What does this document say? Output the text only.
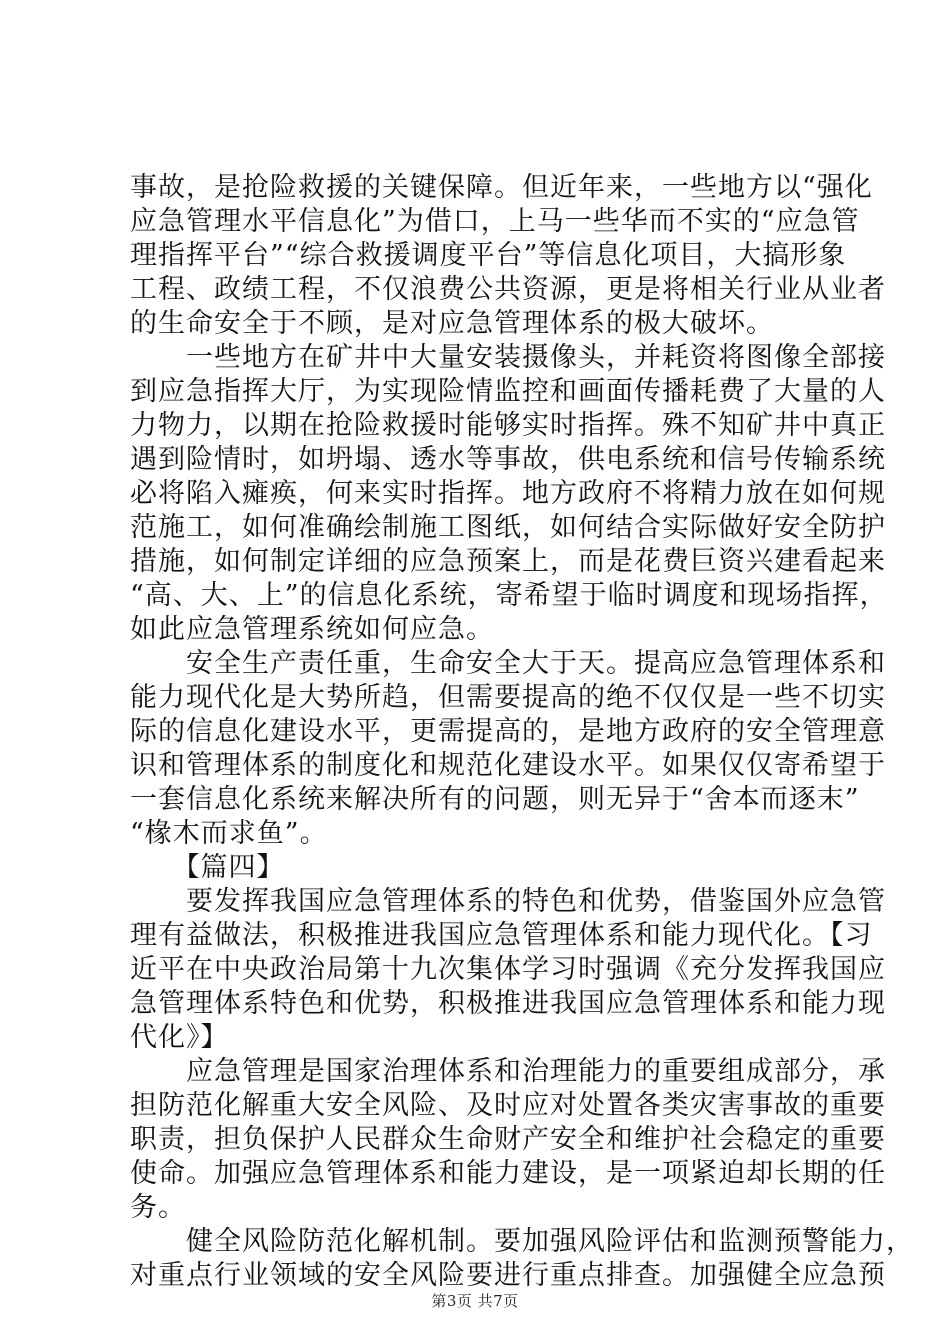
事故，是抢险救援的关键保障。但近年来，一些地方以“强化
应急管理水平信息化”为借口，上马一些华而不实的“应急管
理指挥平台”“综合救援调度平台”等信息化项目，大搞形象
工程、政绩工程，不仅浪费公共资源，更是将相关行业从业者
的生命安全于不顾，是对应急管理体系的极大破坏。
　　一些地方在矿井中大量安装摄像头，并耗资将图像全部接
到应急指挥大厅，为实现险情监控和画面传播耗费了大量的人
力物力，以期在抢险救援时能够实时指挥。殊不知矿井中真正
遇到险情时，如坍塌、透水等事故，供电系统和信号传输系统
必将陷入瘫痪，何来实时指挥。地方政府不将精力放在如何规
范施工，如何准确绘制施工图纸，如何结合实际做好安全防护
措施，如何制定详细的应急预案上，而是花费巨资兴建看起来
“高、大、上”的信息化系统，寄希望于临时调度和现场指挥，
如此应急管理系统如何应急。
　　安全生产责任重，生命安全大于天。提高应急管理体系和
能力现代化是大势所趋，但需要提高的绝不仅仅是一些不切实
际的信息化建设水平，更需提高的，是地方政府的安全管理意
识和管理体系的制度化和规范化建设水平。如果仅仅寄希望于
一套信息化系统来解决所有的问题，则无异于“舍本而逐末”
“椽木而求鱼”。
　　【篇四】
　　要发挥我国应急管理体系的特色和优势，借鉴国外应急管
理有益做法，积极推进我国应急管理体系和能力现代化。【习
近平在中央政治局第十九次集体学习时强调《充分发挥我国应
急管理体系特色和优势，积极推进我国应急管理体系和能力现
代化》】
　　应急管理是国家治理体系和治理能力的重要组成部分，承
担防范化解重大安全风险、及时应对处置各类灾害事故的重要
职责，担负保护人民群众生命财产安全和维护社会稳定的重要
使命。加强应急管理体系和能力建设，是一项紧迫却长期的任
务。
　　健全风险防范化解机制。要加强风险评估和监测预警能力，
对重点行业领域的安全风险要进行重点排查。加强健全应急预
第3页 共7页
